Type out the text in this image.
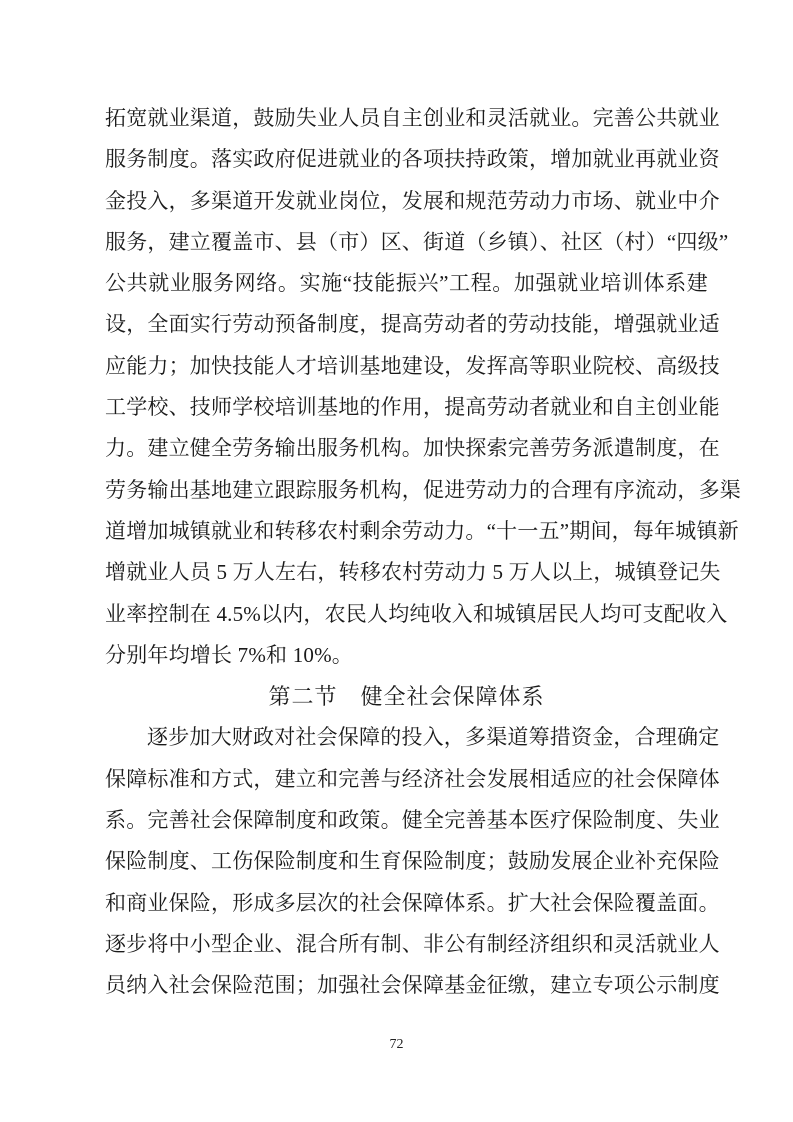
拓宽就业渠道，鼓励失业人员自主创业和灵活就业。完善公共就业
服务制度。落实政府促进就业的各项扶持政策，增加就业再就业资
金投入，多渠道开发就业岗位，发展和规范劳动力市场、就业中介
服务，建立覆盖市、县（市）区、街道（乡镇）、社区（村）“四级”
公共就业服务网络。实施“技能振兴”工程。加强就业培训体系建
设，全面实行劳动预备制度，提高劳动者的劳动技能，增强就业适
应能力；加快技能人才培训基地建设，发挥高等职业院校、高级技
工学校、技师学校培训基地的作用，提高劳动者就业和自主创业能
力。建立健全劳务输出服务机构。加快探索完善劳务派遣制度，在
劳务输出基地建立跟踪服务机构，促进劳动力的合理有序流动，多渠
道增加城镇就业和转移农村剩余劳动力。“十一五”期间，每年城镇新
增就业人员 5 万人左右，转移农村劳动力 5 万人以上，城镇登记失
业率控制在 4.5%以内，农民人均纯收入和城镇居民人均可支配收入
分别年均增长 7%和 10%。
第二节　健全社会保障体系
逐步加大财政对社会保障的投入，多渠道筹措资金，合理确定
保障标准和方式，建立和完善与经济社会发展相适应的社会保障体
系。完善社会保障制度和政策。健全完善基本医疗保险制度、失业
保险制度、工伤保险制度和生育保险制度；鼓励发展企业补充保险
和商业保险，形成多层次的社会保障体系。扩大社会保险覆盖面。
逐步将中小型企业、混合所有制、非公有制经济组织和灵活就业人
员纳入社会保险范围；加强社会保障基金征缴，建立专项公示制度
72
